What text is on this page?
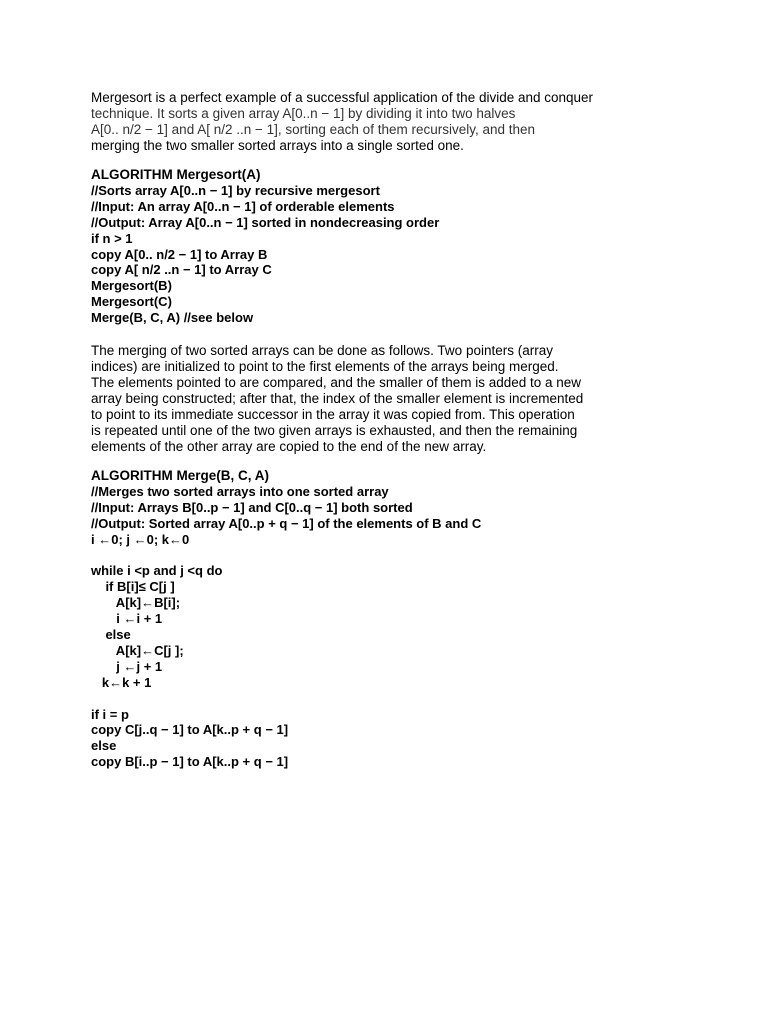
Mergesort is a perfect example of a successful application of the divide and conquer
technique. It sorts a given array A[0..n − 1] by dividing it into two halves
A[0.. n/2 − 1] and A[ n/2 ..n − 1], sorting each of them recursively, and then
merging the two smaller sorted arrays into a single sorted one.

ALGORITHM Mergesort(A)
//Sorts array A[0..n − 1] by recursive mergesort
//Input: An array A[0..n − 1] of orderable elements
//Output: Array A[0..n − 1] sorted in nondecreasing order
if n > 1
copy A[0.. n/2 − 1] to Array B
copy A[ n/2 ..n − 1] to Array C
Mergesort(B)
Mergesort(C)
Merge(B, C, A) //see below

The merging of two sorted arrays can be done as follows. Two pointers (array
indices) are initialized to point to the first elements of the arrays being merged.
The elements pointed to are compared, and the smaller of them is added to a new
array being constructed; after that, the index of the smaller element is incremented
to point to its immediate successor in the array it was copied from. This operation
is repeated until one of the two given arrays is exhausted, and then the remaining
elements of the other array are copied to the end of the new array.

ALGORITHM Merge(B, C, A)
//Merges two sorted arrays into one sorted array
//Input: Arrays B[0..p − 1] and C[0..q − 1] both sorted
//Output: Sorted array A[0..p + q − 1] of the elements of B and C
i ←0; j ←0; k←0
while i <p and j <q do
if B[i]≤ C[j ]
A[k]←B[i];
i ←i + 1
else
A[k]←C[j ];
j ←j + 1
k←k + 1
if i = p
copy C[j..q − 1] to A[k..p + q − 1]
else
copy B[i..p − 1] to A[k..p + q − 1]
